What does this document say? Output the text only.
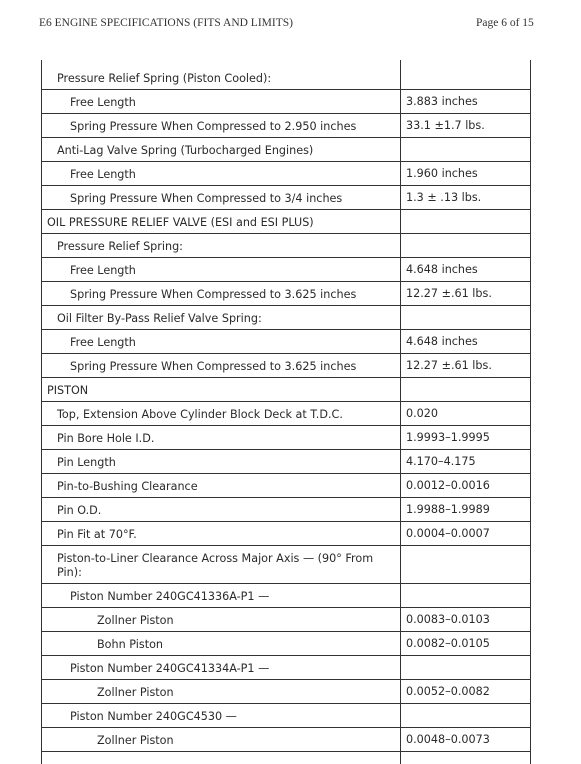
E6 ENGINE SPECIFICATIONS (FITS AND LIMITS)	Page 6 of 15
Pressure Relief Spring (Piston Cooled):
Free Length	3.883 inches
Spring Pressure When Compressed to 2.950 inches	33.1 ±1.7 lbs.
Anti-Lag Valve Spring (Turbocharged Engines)
Free Length	1.960 inches
Spring Pressure When Compressed to 3/4 inches	1.3 ± .13 lbs.
OIL PRESSURE RELIEF VALVE (ESI and ESI PLUS)
Pressure Relief Spring:
Free Length	4.648 inches
Spring Pressure When Compressed to 3.625 inches	12.27 ±.61 lbs.
Oil Filter By-Pass Relief Valve Spring:
Free Length	4.648 inches
Spring Pressure When Compressed to 3.625 inches	12.27 ±.61 lbs.
PISTON
Top, Extension Above Cylinder Block Deck at T.D.C.	0.020
Pin Bore Hole I.D.	1.9993–1.9995
Pin Length	4.170–4.175
Pin-to-Bushing Clearance	0.0012–0.0016
Pin O.D.	1.9988–1.9989
Pin Fit at 70°F.	0.0004–0.0007
Piston-to-Liner Clearance Across Major Axis — (90° From Pin):
Piston Number 240GC41336A-P1 —
Zollner Piston	0.0083–0.0103
Bohn Piston	0.0082–0.0105
Piston Number 240GC41334A-P1 —
Zollner Piston	0.0052–0.0082
Piston Number 240GC4530 —
Zollner Piston	0.0048–0.0073
